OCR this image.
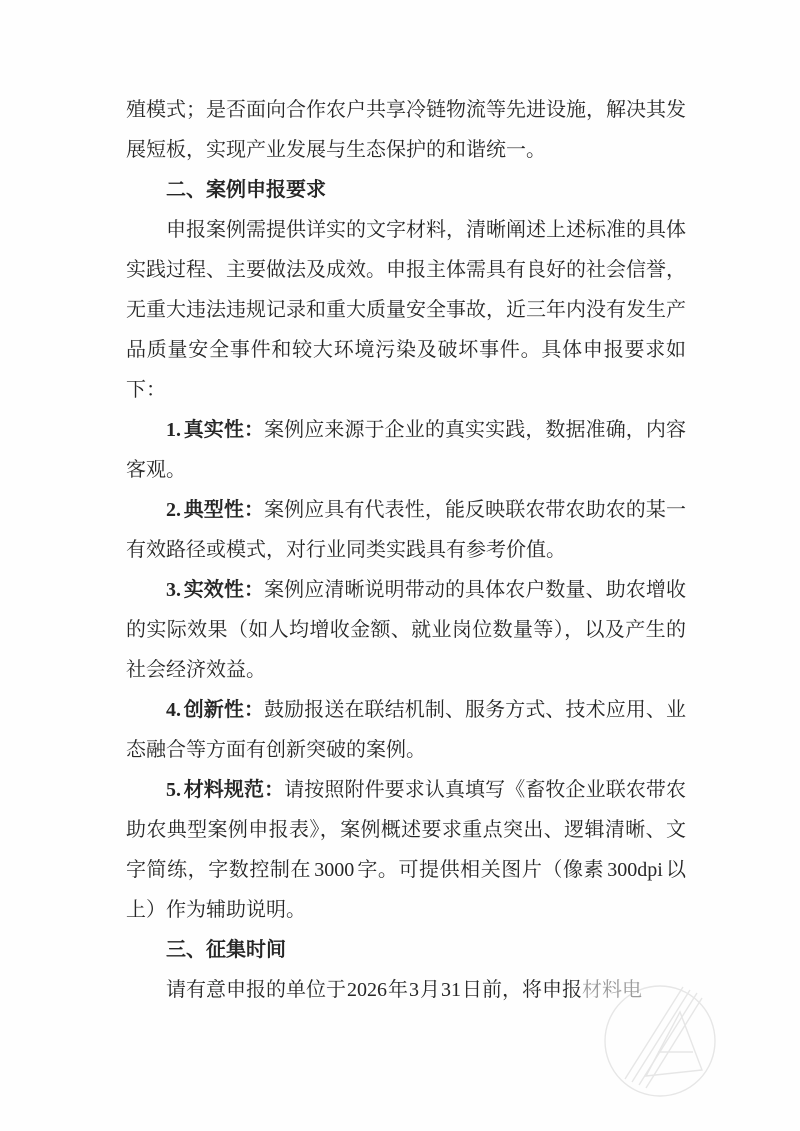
殖模式；是否面向合作农户共享冷链物流等先进设施，解决其发展短板，实现产业发展与生态保护的和谐统一。

二、案例申报要求

申报案例需提供详实的文字材料，清晰阐述上述标准的具体实践过程、主要做法及成效。申报主体需具有良好的社会信誉，无重大违法违规记录和重大质量安全事故，近三年内没有发生产品质量安全事件和较大环境污染及破坏事件。具体申报要求如下：

1. 真实性：案例应来源于企业的真实实践，数据准确，内容客观。

2. 典型性：案例应具有代表性，能反映联农带农助农的某一有效路径或模式，对行业同类实践具有参考价值。

3. 实效性：案例应清晰说明带动的具体农户数量、助农增收的实际效果（如人均增收金额、就业岗位数量等），以及产生的社会经济效益。

4. 创新性：鼓励报送在联结机制、服务方式、技术应用、业态融合等方面有创新突破的案例。

5. 材料规范：请按照附件要求认真填写《畜牧企业联农带农助农典型案例申报表》，案例概述要求重点突出、逻辑清晰、文字简练，字数控制在 3000 字。可提供相关图片（像素 300dpi 以上）作为辅助说明。

三、征集时间

请有意申报的单位于 2026 年 3 月 31 日前，将申报材料电
